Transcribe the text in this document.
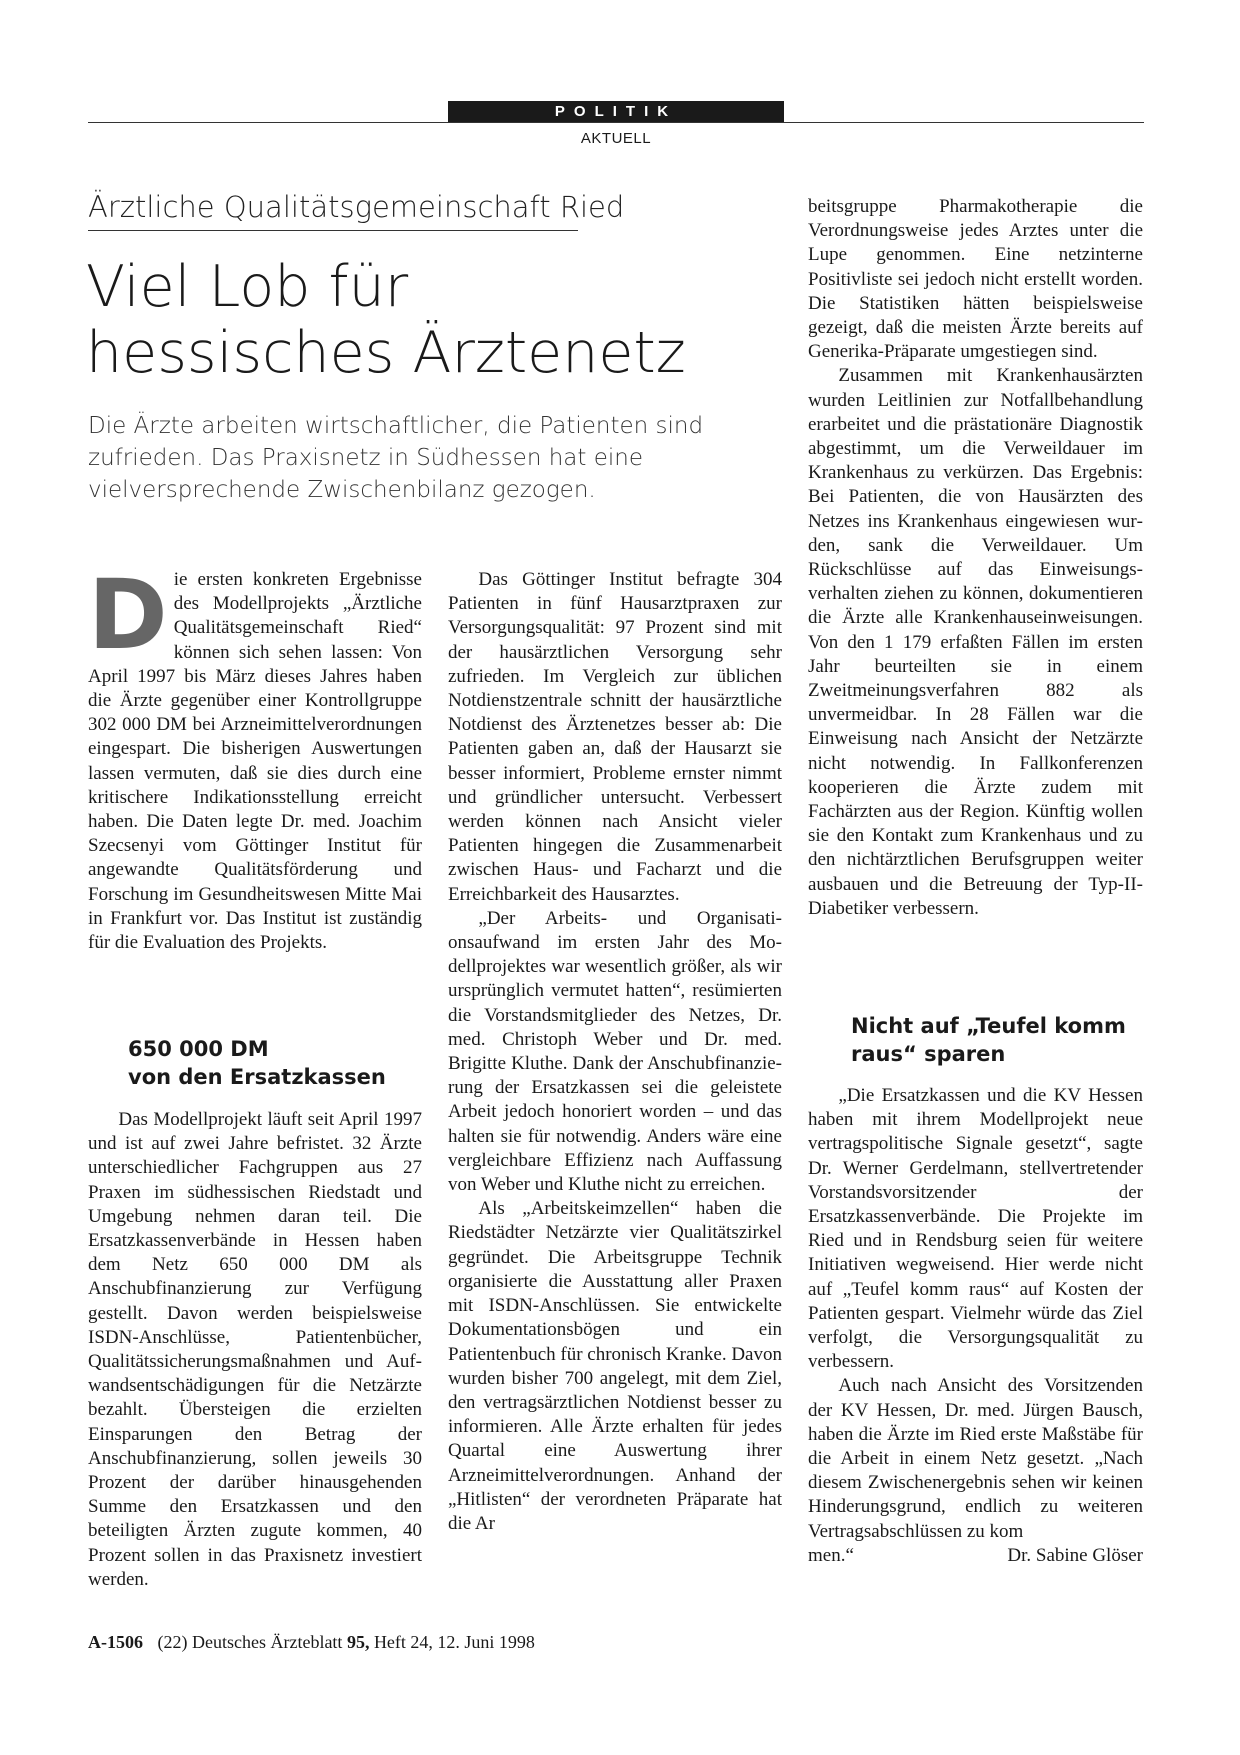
POLITIK
AKTUELL
Ärztliche Qualitätsgemeinschaft Ried
Viel Lob für
hessisches Ärztenetz
Die Ärzte arbeiten wirtschaftlicher, die Patienten sind zufrieden. Das Praxisnetz in Südhessen hat eine vielversprechende Zwischenbilanz gezogen.

Die ersten konkreten Ergebnisse des Modellprojekts „Ärztliche Qualitätsgemeinschaft Ried“ können sich sehen lassen: Von April 1997 bis März dieses Jahres haben die Ärzte gegenüber einer Kontrollgruppe 302 000 DM bei Arzneimittelverordnungen eingespart. Die bisherigen Auswertungen lassen vermuten, daß sie dies durch eine kritischere Indikationsstellung erreicht haben. Die Daten legte Dr. med. Joachim Szecsenyi vom Göttinger Institut für angewandte Qualitätsförderung und Forschung im Gesundheitswesen Mitte Mai in Frankfurt vor. Das Institut ist zuständig für die Evaluation des Projekts.

650 000 DM
von den Ersatzkassen

Das Modellprojekt läuft seit April 1997 und ist auf zwei Jahre befristet. 32 Ärzte unterschiedlicher Fachgruppen aus 27 Praxen im südhessischen Riedstadt und Umgebung nehmen daran teil. Die Ersatzkassenverbände in Hessen haben dem Netz 650 000 DM als Anschubfinanzierung zur Verfügung gestellt. Davon werden beispielsweise ISDN-Anschlüsse, Patientenbücher, Qualitätssicherungsmaßnahmen und Aufwandsentschädigungen für die Netzärzte bezahlt. Übersteigen die erzielten Einsparungen den Betrag der Anschubfinanzierung, sollen jeweils 30 Prozent der darüber hinausgehenden Summe den Ersatzkassen und den beteiligten Ärzten zugute kommen, 40 Prozent sollen in das Praxisnetz investiert werden.

Das Göttinger Institut befragte 304 Patienten in fünf Hausarztpraxen zur Versorgungsqualität: 97 Prozent sind mit der hausärztlichen Versorgung sehr zufrieden. Im Vergleich zur üblichen Notdienstzentrale schnitt der hausärztliche Notdienst des Ärztenetzes besser ab: Die Patienten gaben an, daß der Hausarzt sie besser informiert, Probleme ernster nimmt und gründlicher untersucht. Verbessert werden können nach Ansicht vieler Patienten hingegen die Zusammenarbeit zwischen Haus- und Facharzt und die Erreichbarkeit des Hausarztes.

„Der Arbeits- und Organisationsaufwand im ersten Jahr des Modellprojektes war wesentlich größer, als wir ursprünglich vermutet hatten“, resümierten die Vorstandsmitglieder des Netzes, Dr. med. Christoph Weber und Dr. med. Brigitte Kluthe. Dank der Anschubfinanzierung der Ersatzkassen sei die geleistete Arbeit jedoch honoriert worden – und das halten sie für notwendig. Anders wäre eine vergleichbare Effizienz nach Auffassung von Weber und Kluthe nicht zu erreichen.

Als „Arbeitskeimzellen“ haben die Riedstädter Netzärzte vier Qualitätszirkel gegründet. Die Arbeitsgruppe Technik organisierte die Ausstattung aller Praxen mit ISDN-Anschlüssen. Sie entwickelte Dokumentationsbögen und ein Patientenbuch für chronisch Kranke. Davon wurden bisher 700 angelegt, mit dem Ziel, den vertragsärztlichen Notdienst besser zu informieren. Alle Ärzte erhalten für jedes Quartal eine Auswertung ihrer Arzneimittelverordnungen. Anhand der „Hitlisten“ der verordneten Präparate hat die Ar

beitsgruppe Pharmakotherapie die Verordnungsweise jedes Arztes unter die Lupe genommen. Eine netzinterne Positivliste sei jedoch nicht erstellt worden. Die Statistiken hätten beispielsweise gezeigt, daß die meisten Ärzte bereits auf Generika-Präparate umgestiegen sind.

Zusammen mit Krankenhausärzten wurden Leitlinien zur Notfallbehandlung erarbeitet und die prästationäre Diagnostik abgestimmt, um die Verweildauer im Krankenhaus zu verkürzen. Das Ergebnis: Bei Patienten, die von Hausärzten des Netzes ins Krankenhaus eingewiesen wurden, sank die Verweildauer. Um Rückschlüsse auf das Einweisungsverhalten ziehen zu können, dokumentieren die Ärzte alle Krankenhauseinweisungen. Von den 1 179 erfaßten Fällen im ersten Jahr beurteilten sie in einem Zweitmeinungsverfahren 882 als unvermeidbar. In 28 Fällen war die Einweisung nach Ansicht der Netzärzte nicht notwendig. In Fallkonferenzen kooperieren die Ärzte zudem mit Fachärzten aus der Region. Künftig wollen sie den Kontakt zum Krankenhaus und zu den nichtärztlichen Berufsgruppen weiter ausbauen und die Betreuung der Typ-II-Diabetiker verbessern.

Nicht auf „Teufel komm
raus“ sparen

„Die Ersatzkassen und die KV Hessen haben mit ihrem Modellprojekt neue vertragspolitische Signale gesetzt“, sagte Dr. Werner Gerdelmann, stellvertretender Vorstandsvorsitzender der Ersatzkassenverbände. Die Projekte im Ried und in Rendsburg seien für weitere Initiativen wegweisend. Hier werde nicht auf „Teufel komm raus“ auf Kosten der Patienten gespart. Vielmehr würde das Ziel verfolgt, die Versorgungsqualität zu verbessern.

Auch nach Ansicht des Vorsitzenden der KV Hessen, Dr. med. Jürgen Bausch, haben die Ärzte im Ried erste Maßstäbe für die Arbeit in einem Netz gesetzt. „Nach diesem Zwischenergebnis sehen wir keinen Hinderungsgrund, endlich zu weiteren Vertragsabschlüssen zu kom

men.“	Dr. Sabine Glöser
A-1506 (22) Deutsches Ärzteblatt 95, Heft 24, 12. Juni 1998
